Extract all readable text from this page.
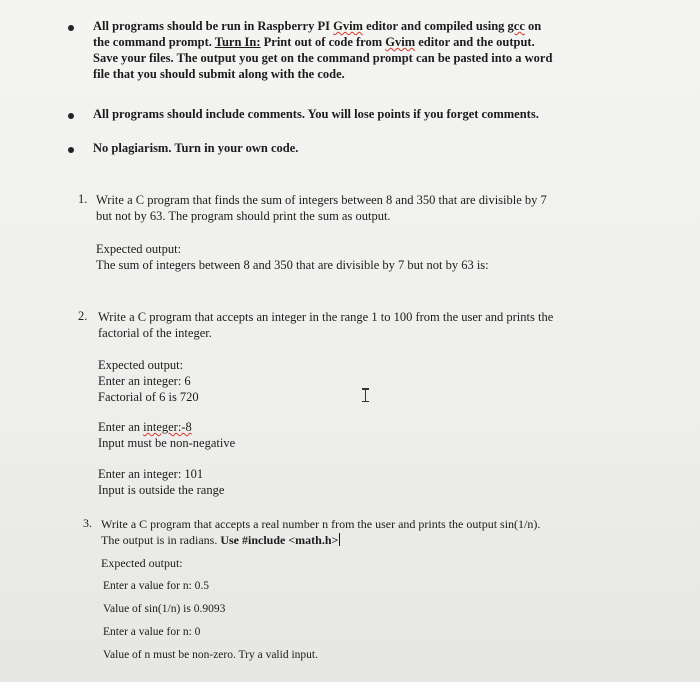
All programs should be run in Raspberry PI Gvim editor and compiled using gcc on
the command prompt. Turn In: Print out of code from Gvim editor and the output.
Save your files. The output you get on the command prompt can be pasted into a word
file that you should submit along with the code.
All programs should include comments. You will lose points if you forget comments.
No plagiarism. Turn in your own code.
1. Write a C program that finds the sum of integers between 8 and 350 that are divisible by 7
but not by 63. The program should print the sum as output.
Expected output:
The sum of integers between 8 and 350 that are divisible by 7 but not by 63 is:
2. Write a C program that accepts an integer in the range 1 to 100 from the user and prints the
factorial of the integer.
Expected output:
Enter an integer: 6
Factorial of 6 is 720
Enter an integer:-8
Input must be non-negative
Enter an integer: 101
Input is outside the range
3. Write a C program that accepts a real number n from the user and prints the output sin(1/n).
The output is in radians. Use #include <math.h>
Expected output:
Enter a value for n: 0.5
Value of sin(1/n) is 0.9093
Enter a value for n: 0
Value of n must be non-zero. Try a valid input.
